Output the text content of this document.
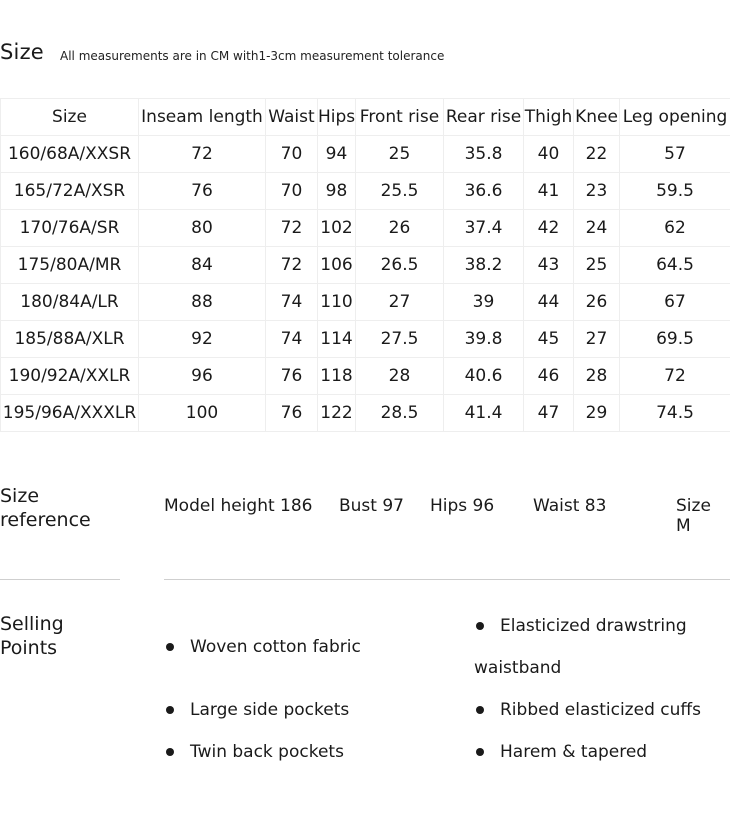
Size All measurements are in CM with1-3cm measurement tolerance
Size	Inseam length	Waist	Hips	Front rise	Rear rise	Thigh	Knee	Leg opening
160/68A/XXSR	72	70	94	25	35.8	40	22	57
165/72A/XSR	76	70	98	25.5	36.6	41	23	59.5
170/76A/SR	80	72	102	26	37.4	42	24	62
175/80A/MR	84	72	106	26.5	38.2	43	25	64.5
180/84A/LR	88	74	110	27	39	44	26	67
185/88A/XLR	92	74	114	27.5	39.8	45	27	69.5
190/92A/XXLR	96	76	118	28	40.6	46	28	72
195/96A/XXXLR	100	76	122	28.5	41.4	47	29	74.5
Size
reference
Model height 186 Bust 97 Hips 96 Waist 83	Size M
Selling
Points	Woven cotton fabric
Large side pockets
Twin back pockets
Elasticized drawstring
waistband
Ribbed elasticized cuffs
Harem & tapered
